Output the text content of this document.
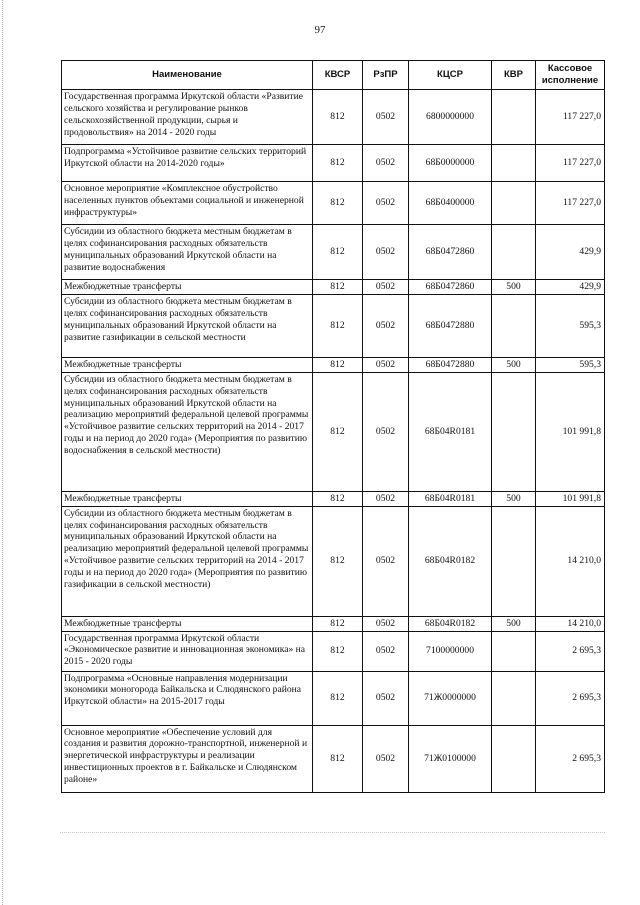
97
Наименование	КВСР	РзПР	КЦСР	КВР	Кассовое исполнение
Государственная программа Иркутской области «Развитие сельского хозяйства и регулирование рынков сельскохозяйственной продукции, сырья и продовольствия» на 2014 - 2020 годы	812	0502	6800000000		117 227,0
Подпрограмма «Устойчивое развитие сельских территорий Иркутской области на 2014-2020 годы»	812	0502	68Б0000000		117 227,0
Основное мероприятие «Комплексное обустройство населенных пунктов объектами социальной и инженерной инфраструктуры»	812	0502	68Б0400000		117 227,0
Субсидии из областного бюджета местным бюджетам в целях софинансирования расходных обязательств муниципальных образований Иркутской области на развитие водоснабжения	812	0502	68Б0472860		429,9
Межбюджетные трансферты	812	0502	68Б0472860	500	429,9
Субсидии из областного бюджета местным бюджетам в целях софинансирования расходных обязательств муниципальных образований Иркутской области на развитие газификации в сельской местности	812	0502	68Б0472880		595,3
Межбюджетные трансферты	812	0502	68Б0472880	500	595,3
Субсидии из областного бюджета местным бюджетам в целях софинансирования расходных обязательств муниципальных образований Иркутской области на реализацию мероприятий федеральной целевой программы «Устойчивое развитие сельских территорий на 2014 - 2017 годы и на период до 2020 года» (Мероприятия по развитию водоснабжения в сельской местности)	812	0502	68Б04R0181		101 991,8
Межбюджетные трансферты	812	0502	68Б04R0181	500	101 991,8
Субсидии из областного бюджета местным бюджетам в целях софинансирования расходных обязательств муниципальных образований Иркутской области на реализацию мероприятий федеральной целевой программы «Устойчивое развитие сельских территорий на 2014 - 2017 годы и на период до 2020 года» (Мероприятия по развитию газификации в сельской местности)	812	0502	68Б04R0182		14 210,0
Межбюджетные трансферты	812	0502	68Б04R0182	500	14 210,0
Государственная программа Иркутской области «Экономическое развитие и инновационная экономика» на 2015 - 2020 годы	812	0502	7100000000		2 695,3
Подпрограмма «Основные направления модернизации экономики моногорода Байкальска и Слюдянского района Иркутской области» на 2015-2017 годы	812	0502	71Ж0000000		2 695,3
Основное мероприятие «Обеспечение условий для создания и развития дорожно-транспортной, инженерной и энергетической инфраструктуры и реализации инвестиционных проектов в г. Байкальске и Слюдянском районе»	812	0502	71Ж0100000		2 695,3
